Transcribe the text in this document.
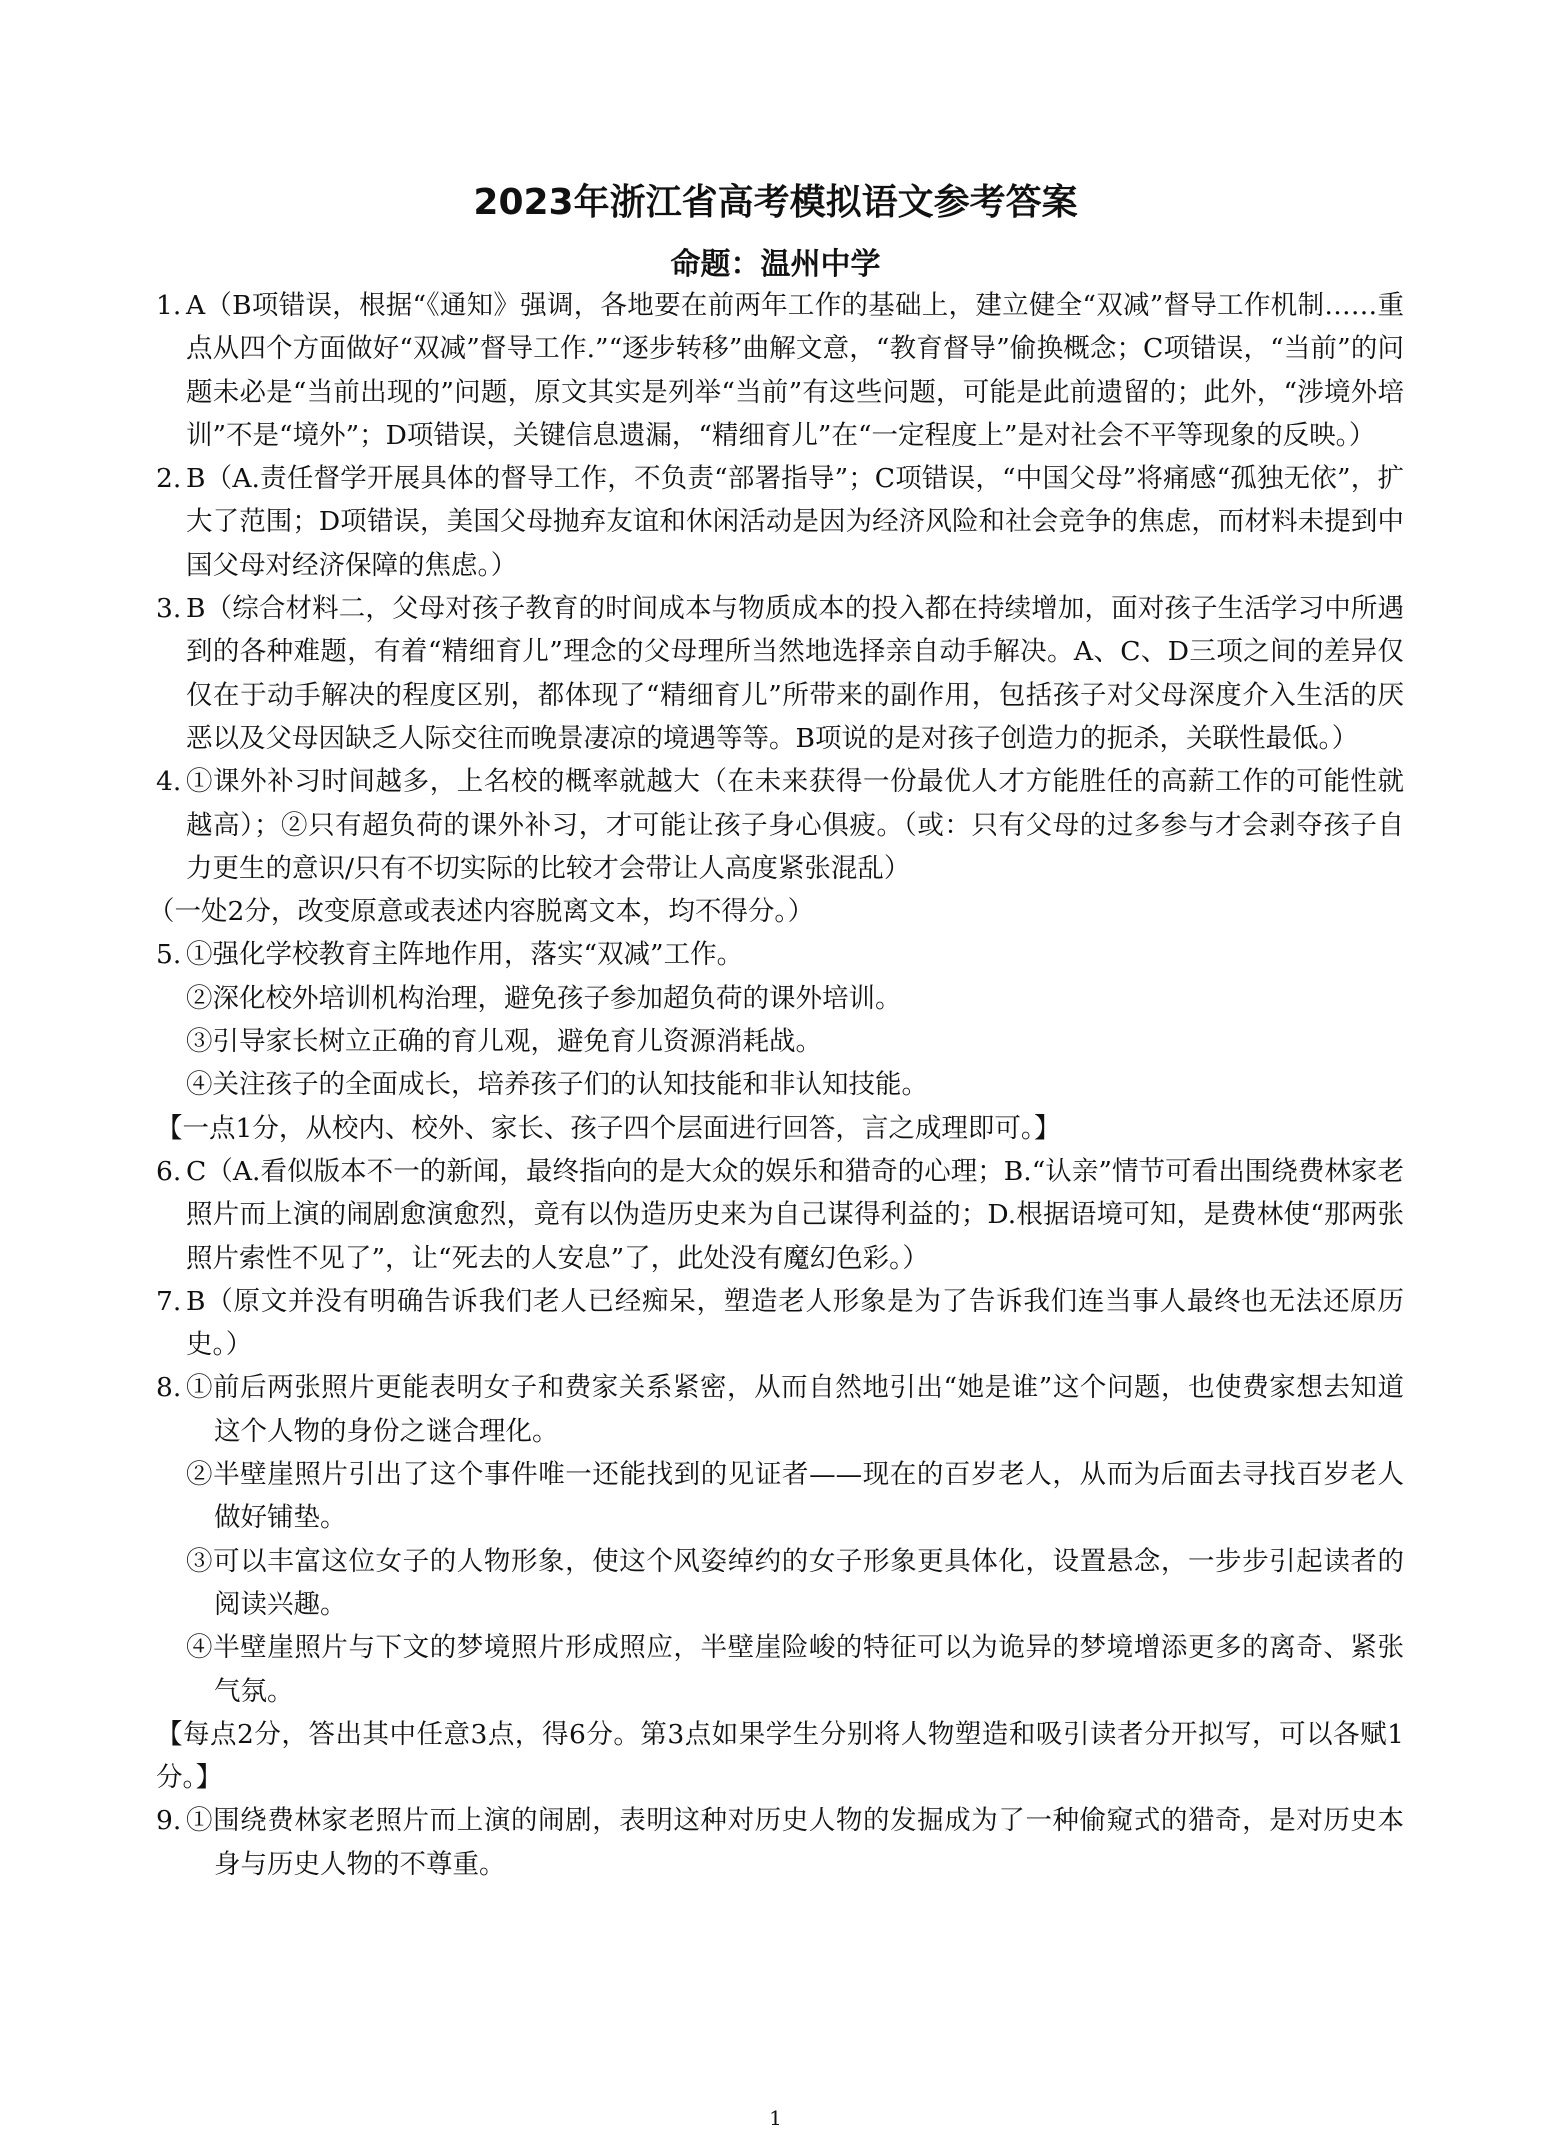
2023年浙江省高考模拟语文参考答案
命题：温州中学
1. A（B项错误，根据“《通知》强调，各地要在前两年工作的基础上，建立健全“双减”督导工作机制……重点从四个方面做好“双减”督导工作.”“逐步转移”曲解文意，“教育督导”偷换概念；C项错误，“当前”的问题未必是“当前出现的”问题，原文其实是列举“当前”有这些问题，可能是此前遗留的；此外，“涉境外培训”不是“境外”；D项错误，关键信息遗漏，“精细育儿”在“一定程度上”是对社会不平等现象的反映。）
2. B（A.责任督学开展具体的督导工作，不负责“部署指导”；C项错误，“中国父母”将痛感“孤独无依”，扩大了范围；D项错误，美国父母抛弃友谊和休闲活动是因为经济风险和社会竞争的焦虑，而材料未提到中国父母对经济保障的焦虑。）
3. B（综合材料二，父母对孩子教育的时间成本与物质成本的投入都在持续增加，面对孩子生活学习中所遇到的各种难题，有着“精细育儿”理念的父母理所当然地选择亲自动手解决。A、C、D三项之间的差异仅仅在于动手解决的程度区别，都体现了“精细育儿”所带来的副作用，包括孩子对父母深度介入生活的厌恶以及父母因缺乏人际交往而晚景凄凉的境遇等等。B项说的是对孩子创造力的扼杀，关联性最低。）
4. ①课外补习时间越多，上名校的概率就越大（在未来获得一份最优人才方能胜任的高薪工作的可能性就越高）；②只有超负荷的课外补习，才可能让孩子身心俱疲。（或：只有父母的过多参与才会剥夺孩子自力更生的意识/只有不切实际的比较才会带让人高度紧张混乱）
（一处2分，改变原意或表述内容脱离文本，均不得分。）
5. ①强化学校教育主阵地作用，落实“双减”工作。
②深化校外培训机构治理，避免孩子参加超负荷的课外培训。
③引导家长树立正确的育儿观，避免育儿资源消耗战。
④关注孩子的全面成长，培养孩子们的认知技能和非认知技能。
【一点1分，从校内、校外、家长、孩子四个层面进行回答，言之成理即可。】
6. C（A.看似版本不一的新闻，最终指向的是大众的娱乐和猎奇的心理；B.“认亲”情节可看出围绕费林家老照片而上演的闹剧愈演愈烈，竟有以伪造历史来为自己谋得利益的；D.根据语境可知，是费林使“那两张照片索性不见了”，让“死去的人安息”了，此处没有魔幻色彩。）
7. B（原文并没有明确告诉我们老人已经痴呆，塑造老人形象是为了告诉我们连当事人最终也无法还原历史。）
8. ①前后两张照片更能表明女子和费家关系紧密，从而自然地引出“她是谁”这个问题，也使费家想去知道这个人物的身份之谜合理化。
②半壁崖照片引出了这个事件唯一还能找到的见证者——现在的百岁老人，从而为后面去寻找百岁老人做好铺垫。
③可以丰富这位女子的人物形象，使这个风姿绰约的女子形象更具体化，设置悬念，一步步引起读者的阅读兴趣。
④半壁崖照片与下文的梦境照片形成照应，半壁崖险峻的特征可以为诡异的梦境增添更多的离奇、紧张气氛。
【每点2分，答出其中任意3点，得6分。第3点如果学生分别将人物塑造和吸引读者分开拟写，可以各赋1分。】
9. ①围绕费林家老照片而上演的闹剧，表明这种对历史人物的发掘成为了一种偷窥式的猎奇，是对历史本身与历史人物的不尊重。
1
